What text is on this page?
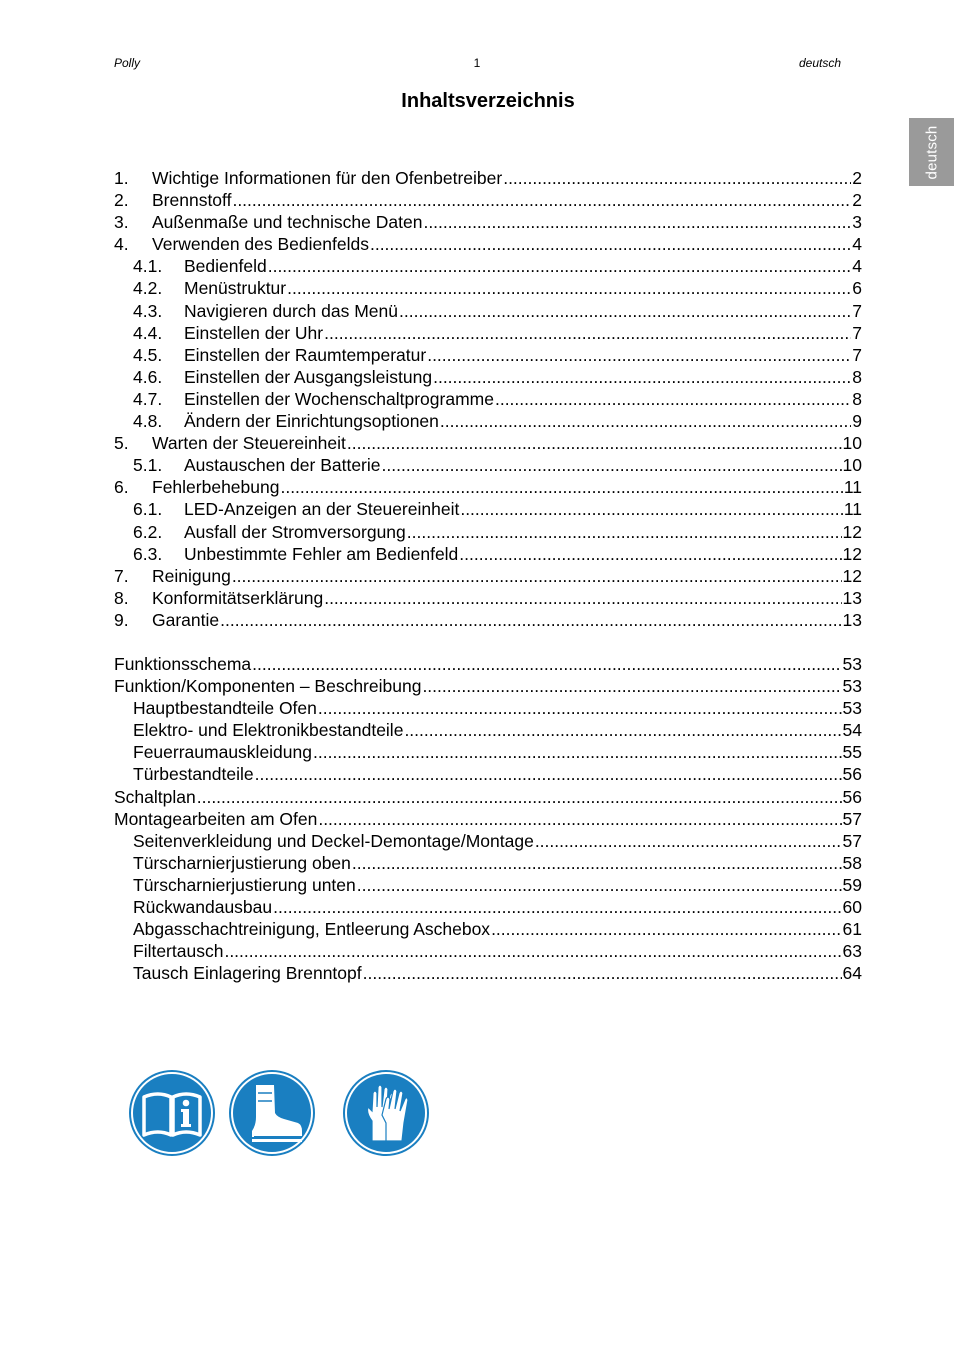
Polly	1	deutsch
Inhaltsverzeichnis
deutsch
1.	Wichtige Informationen für den Ofenbetreiber .....	2
2.	Brennstoff .....	2
3.	Außenmaße und technische Daten .....	3
4.	Verwenden des Bedienfelds .....	4
4.1.	Bedienfeld .....	4
4.2.	Menüstruktur .....	6
4.3.	Navigieren durch das Menü .....	7
4.4.	Einstellen der Uhr .....	7
4.5.	Einstellen der Raumtemperatur .....	7
4.6.	Einstellen der Ausgangsleistung .....	8
4.7.	Einstellen der Wochenschaltprogramme .....	8
4.8.	Ändern der Einrichtungsoptionen .....	9
5.	Warten der Steuereinheit .....	10
5.1.	Austauschen der Batterie .....	10
6.	Fehlerbehebung .....	11
6.1.	LED-Anzeigen an der Steuereinheit .....	11
6.2.	Ausfall der Stromversorgung .....	12
6.3.	Unbestimmte Fehler am Bedienfeld .....	12
7.	Reinigung .....	12
8.	Konformitätserklärung .....	13
9.	Garantie .....	13
Funktionsschema .....	53
Funktion/Komponenten – Beschreibung .....	53
Hauptbestandteile Ofen .....	53
Elektro- und Elektronikbestandteile .....	54
Feuerraumauskleidung .....	55
Türbestandteile .....	56
Schaltplan .....	56
Montagearbeiten am Ofen .....	57
Seitenverkleidung und Deckel-Demontage/Montage .....	57
Türscharnierjustierung oben .....	58
Türscharnierjustierung unten .....	59
Rückwandausbau .....	60
Abgasschachtreinigung, Entleerung Aschebox .....	61
Filtertausch .....	63
Tausch Einlagering Brenntopf .....	64
